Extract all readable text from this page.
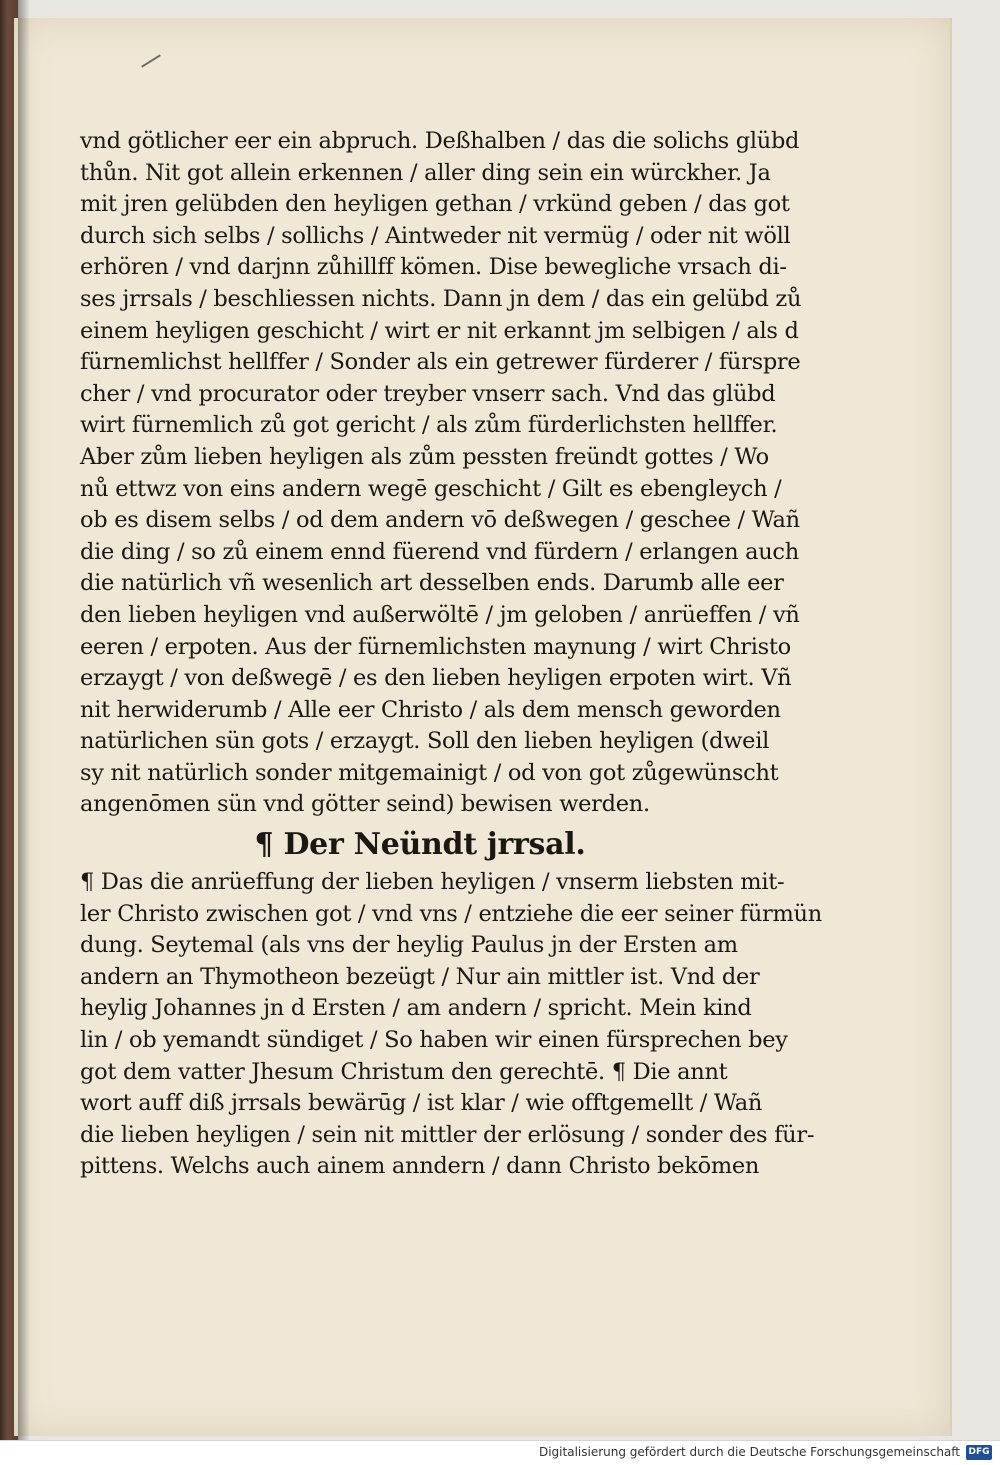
vnd götlicher eer ein abpruch. Deßhalben / das die solichs glübd
thůn. Nit got allein erkennen / aller ding sein ein würckher. Ja
mit jren gelübden den heyligen gethan / vrkünd geben / das got
durch sich selbs / sollichs / Aintweder nit vermüg / oder nit wöll
erhören / vnd darjnn zůhillff kömen. Dise bewegliche vrsach di-
ses jrrsals / beschliessen nichts. Dann jn dem / das ein gelübd zů
einem heyligen geschicht / wirt er nit erkannt jm selbigen / als d
fürnemlichst hellffer / Sonder als ein getrewer fürderer / fürspre
cher / vnd procurator oder treyber vnserr sach. Vnd das glübd
wirt fürnemlich zů got gericht / als zům fürderlichsten hellffer.
Aber zům lieben heyligen als zům pessten freündt gottes / Wo
nů ettwz von eins andern wegē geschicht / Gilt es ebengleych /
ob es disem selbs / od dem andern vō deßwegen / geschee / Wañ
die ding / so zů einem ennd füerend vnd fürdern / erlangen auch
die natürlich vñ wesenlich art desselben ends. Darumb alle eer
den lieben heyligen vnd außerwöltē / jm geloben / anrüeffen / vñ
eeren / erpoten. Aus der fürnemlichsten maynung / wirt Christo
erzaygt / von deßwegē / es den lieben heyligen erpoten wirt. Vñ
nit herwiderumb / Alle eer Christo / als dem mensch geworden
natürlichen sün gots / erzaygt. Soll den lieben heyligen (dweil
sy nit natürlich sonder mitgemainigt / od von got zůgewünscht
angenōmen sün vnd götter seind) bewisen werden.
¶ Der Neündt jrrsal.
¶ Das die anrüeffung der lieben heyligen / vnserm liebsten mit-
ler Christo zwischen got / vnd vns / entziehe die eer seiner fürmün
dung. Seytemal (als vns der heylig Paulus jn der Ersten am
andern an Thymotheon bezeügt / Nur ain mittler ist. Vnd der
heylig Johannes jn d Ersten / am andern / spricht. Mein kind
lin / ob yemandt sündiget / So haben wir einen fürsprechen bey
got dem vatter Jhesum Christum den gerechtē. ¶ Die annt
wort auff diß jrrsals bewärūg / ist klar / wie offtgemellt / Wañ
die lieben heyligen / sein nit mittler der erlösung / sonder des für-
pittens. Welchs auch ainem anndern / dann Christo bekōmen
Digitalisierung gefördert durch die Deutsche Forschungsgemeinschaft DFG
